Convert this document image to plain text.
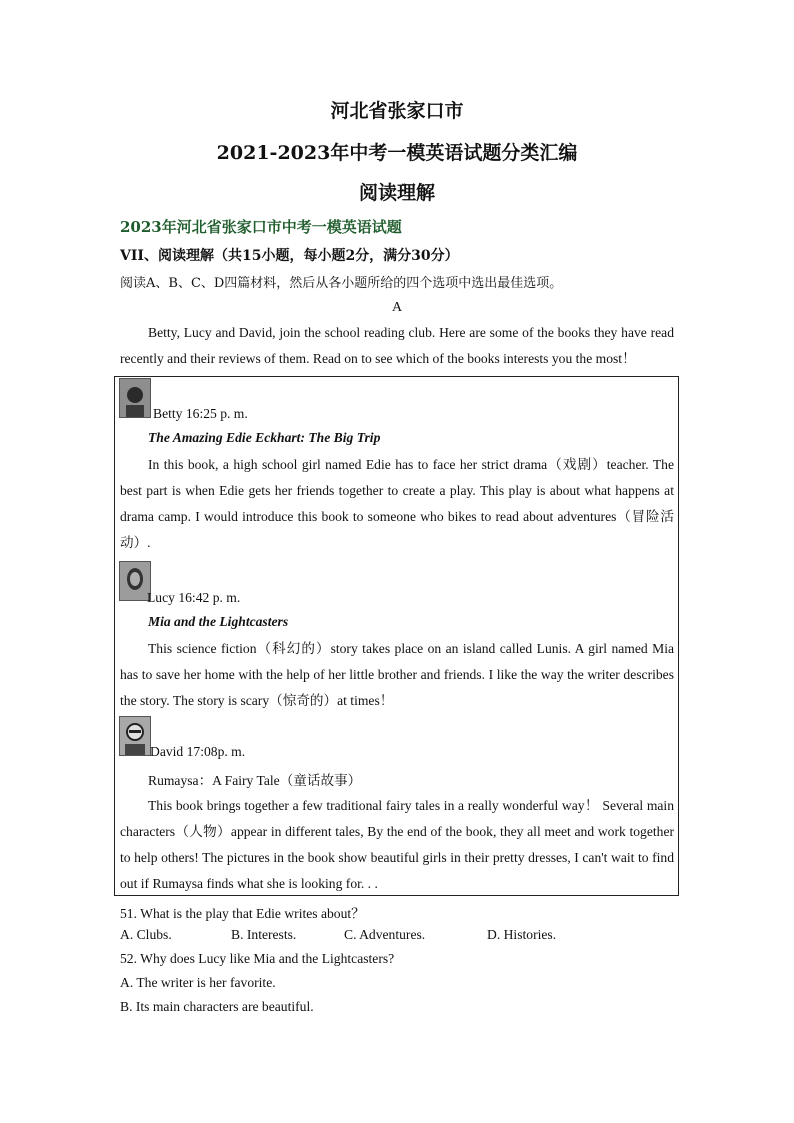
河北省张家口市
2021-2023年中考一模英语试题分类汇编
阅读理解
2023年河北省张家口市中考一模英语试题
VII、阅读理解（共15小题，每小题2分，满分30分）
阅读A、B、C、D四篇材料，然后从各小题所给的四个选项中选出最佳选项。
A
Betty, Lucy and David, join the school reading club. Here are some of the books they have read recently and their reviews of them. Read on to see which of the books interests you the most！
Betty 16:25 p. m.
The Amazing Edie Eckhart: The Big Trip
In this book, a high school girl named Edie has to face her strict drama（戏剧）teacher. The best part is when Edie gets her friends together to create a play. This play is about what happens at drama camp. I would introduce this book to someone who bikes to read about adventures（冒险活动）.
Lucy 16:42 p. m.
Mia and the Lightcasters
This science fiction（科幻的）story takes place on an island called Lunis. A girl named Mia has to save her home with the help of her little brother and friends. I like the way the writer describes the story. The story is scary（惊奇的）at times！
David 17:08p. m.
Rumaysa：A Fairy Tale（童话故事）
This book brings together a few traditional fairy tales in a really wonderful way！ Several main characters（人物）appear in different tales, By the end of the book, they all meet and work together to help others! The pictures in the book show beautiful girls in their pretty dresses, I can't wait to find out if Rumaysa finds what she is looking for. . .
51. What is the play that Edie writes about？
A. Clubs.	B. Interests.	C. Adventures.	D. Histories.
52. Why does Lucy like Mia and the Lightcasters?
A. The writer is her favorite.
B. Its main characters are beautiful.
